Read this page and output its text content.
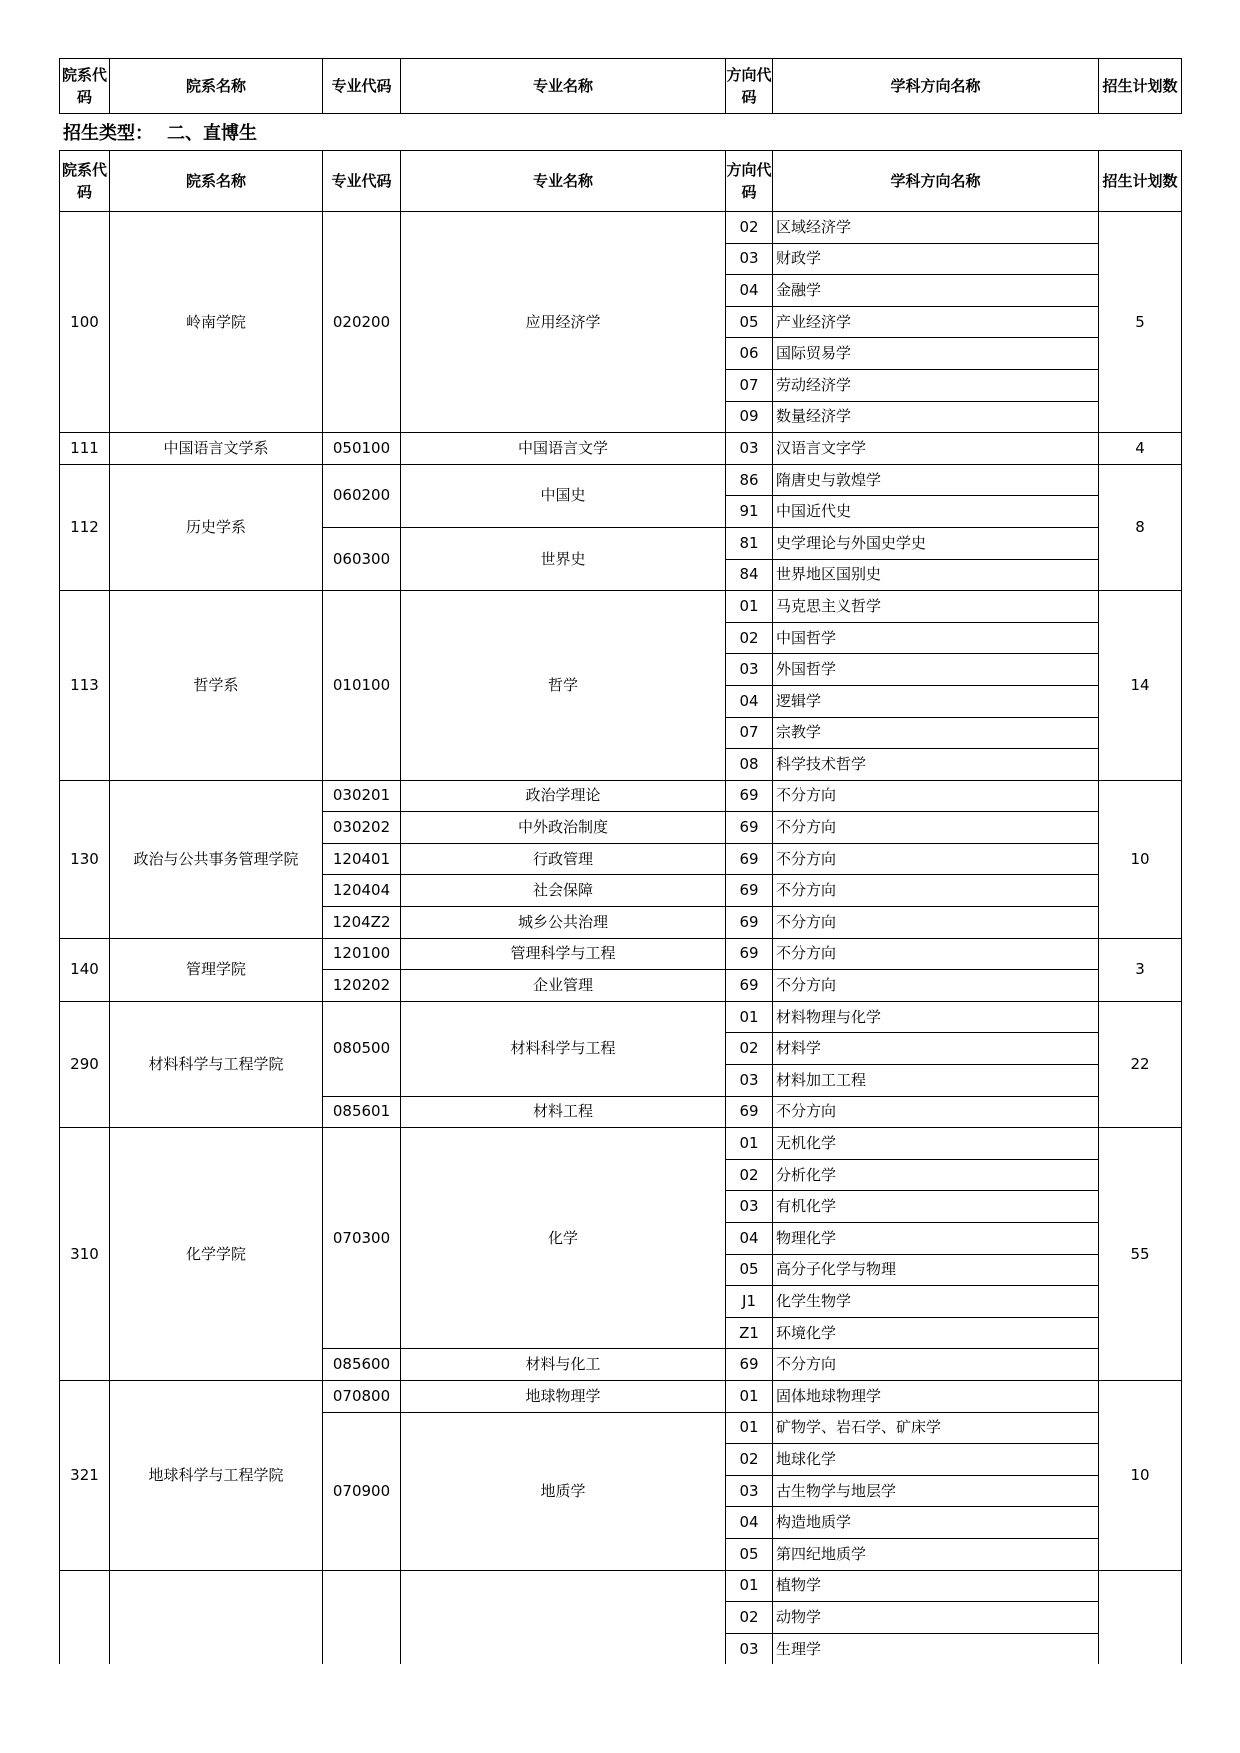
院系代码	院系名称	专业代码	专业名称	方向代码	学科方向名称	招生计划数
招生类型： 二、直博生
院系代码	院系名称	专业代码	专业名称	方向代码	学科方向名称	招生计划数
100	岭南学院	020200	应用经济学	02	区域经济学	5
				03	财政学	
				04	金融学	
				05	产业经济学	
				06	国际贸易学	
				07	劳动经济学	
				09	数量经济学	
111	中国语言文学系	050100	中国语言文学	03	汉语言文字学	4
112	历史学系	060200	中国史	86	隋唐史与敦煌学	8
				91	中国近代史	
		060300	世界史	81	史学理论与外国史学史	
				84	世界地区国别史	
113	哲学系	010100	哲学	01	马克思主义哲学	14
				02	中国哲学	
				03	外国哲学	
				04	逻辑学	
				07	宗教学	
				08	科学技术哲学	
130	政治与公共事务管理学院	030201	政治学理论	69	不分方向	10
		030202	中外政治制度	69	不分方向	
		120401	行政管理	69	不分方向	
		120404	社会保障	69	不分方向	
		1204Z2	城乡公共治理	69	不分方向	
140	管理学院	120100	管理科学与工程	69	不分方向	3
		120202	企业管理	69	不分方向	
290	材料科学与工程学院	080500	材料科学与工程	01	材料物理与化学	22
				02	材料学	
				03	材料加工工程	
		085601	材料工程	69	不分方向	
310	化学学院	070300	化学	01	无机化学	55
				02	分析化学	
				03	有机化学	
				04	物理化学	
				05	高分子化学与物理	
				J1	化学生物学	
				Z1	环境化学	
		085600	材料与化工	69	不分方向	
321	地球科学与工程学院	070800	地球物理学	01	固体地球物理学	10
		070900	地质学	01	矿物学、岩石学、矿床学	
				02	地球化学	
				03	古生物学与地层学	
				04	构造地质学	
				05	第四纪地质学	
				01	植物学	
				02	动物学	
				03	生理学	
